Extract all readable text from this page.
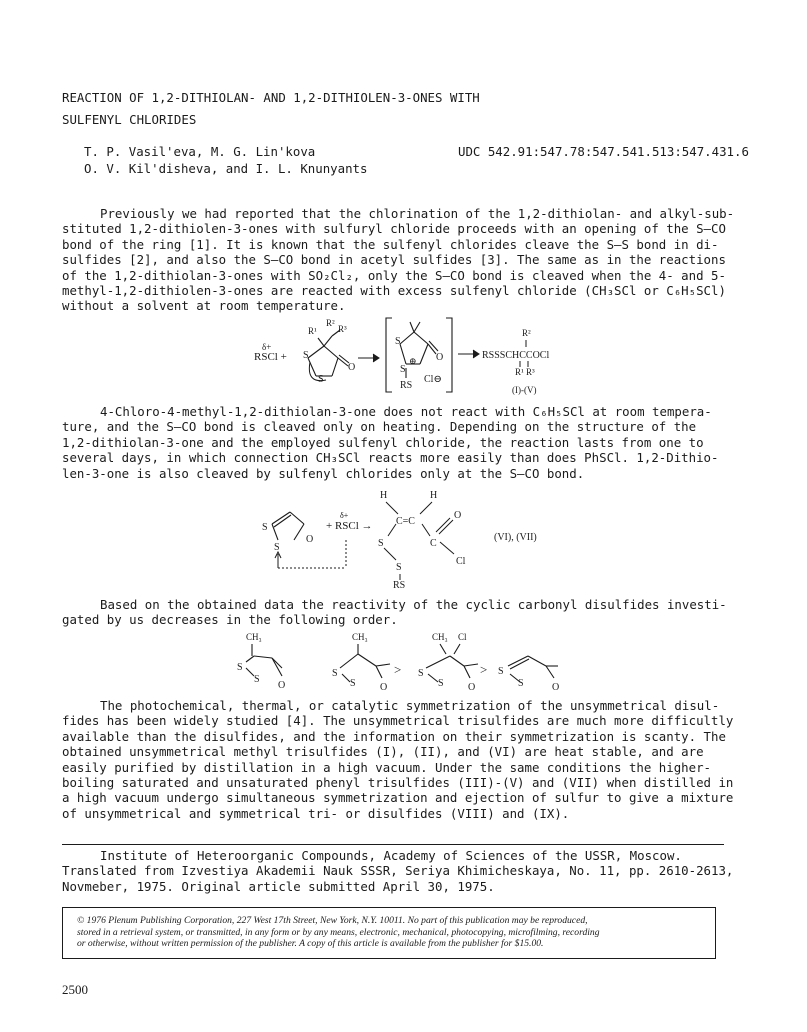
REACTION OF 1,2-DITHIOLAN- AND 1,2-DITHIOLEN-3-ONES WITH
SULFENYL CHLORIDES
T. P. Vasil'eva, M. G. Lin'kova
O. V. Kil'disheva, and I. L. Knunyants
UDC 542.91:547.78:547.541.513:547.431.6
Previously we had reported that the chlorination of the 1,2-dithiolan- and alkyl-sub-
stituted 1,2-dithiolen-3-ones with sulfuryl chloride proceeds with an opening of the S—CO
bond of the ring [1]. It is known that the sulfenyl chlorides cleave the S—S bond in di-
sulfides [2], and also the S—CO bond in acetyl sulfides [3]. The same as in the reactions
of the 1,2-dithiolan-3-ones with SO₂Cl₂, only the S—CO bond is cleaved when the 4- and 5-
methyl-1,2-dithiolen-3-ones are reacted with excess sulfenyl chloride (CH₃SCl or C₆H₅SCl)
without a solvent at room temperature.
δ+
RSCl +
R¹
R²
R³
S
S
O
S
S
⊕ O
RS
Cl⊖
R²
RSSSCHCCOCl
R¹ R³
(I)-(V)
4-Chloro-4-methyl-1,2-dithiolan-3-one does not react with C₆H₅SCl at room tempera-
ture, and the S—CO bond is cleaved only on heating. Depending on the structure of the
1,2-dithiolan-3-one and the employed sulfenyl chloride, the reaction lasts from one to
several days, in which connection CH₃SCl reacts more easily than does PhSCl. 1,2-Dithio-
len-3-one is also cleaved by sulfenyl chlorides only at the S—CO bond.
S
S
O
δ+
+ RSCl →
H	H
C=C
O
S	C
S
Cl
RS
(VI), (VII)
Based on the obtained data the reactivity of the cyclic carbonyl disulfides investi-
gated by us decreases in the following order.
CH₃
S
S
O
CH₃
S
S O
>
CH₃ Cl
S
S O
> S
S	O
The photochemical, thermal, or catalytic symmetrization of the unsymmetrical disul-
fides has been widely studied [4]. The unsymmetrical trisulfides are much more difficultly
available than the disulfides, and the information on their symmetrization is scanty. The
obtained unsymmetrical methyl trisulfides (I), (II), and (VI) are heat stable, and are
easily purified by distillation in a high vacuum. Under the same conditions the higher-
boiling saturated and unsaturated phenyl trisulfides (III)-(V) and (VII) when distilled in
a high vacuum undergo simultaneous symmetrization and ejection of sulfur to give a mixture
of unsymmetrical and symmetrical tri- or disulfides (VIII) and (IX).
Institute of Heteroorganic Compounds, Academy of Sciences of the USSR, Moscow.
Translated from Izvestiya Akademii Nauk SSSR, Seriya Khimicheskaya, No. 11, pp. 2610-2613,
Novmeber, 1975. Original article submitted April 30, 1975.
© 1976 Plenum Publishing Corporation, 227 West 17th Street, New York, N.Y. 10011. No part of this publication may be reproduced,
stored in a retrieval system, or transmitted, in any form or by any means, electronic, mechanical, photocopying, microfilming, recording
or otherwise, without written permission of the publisher. A copy of this article is available from the publisher for $15.00.
2500
